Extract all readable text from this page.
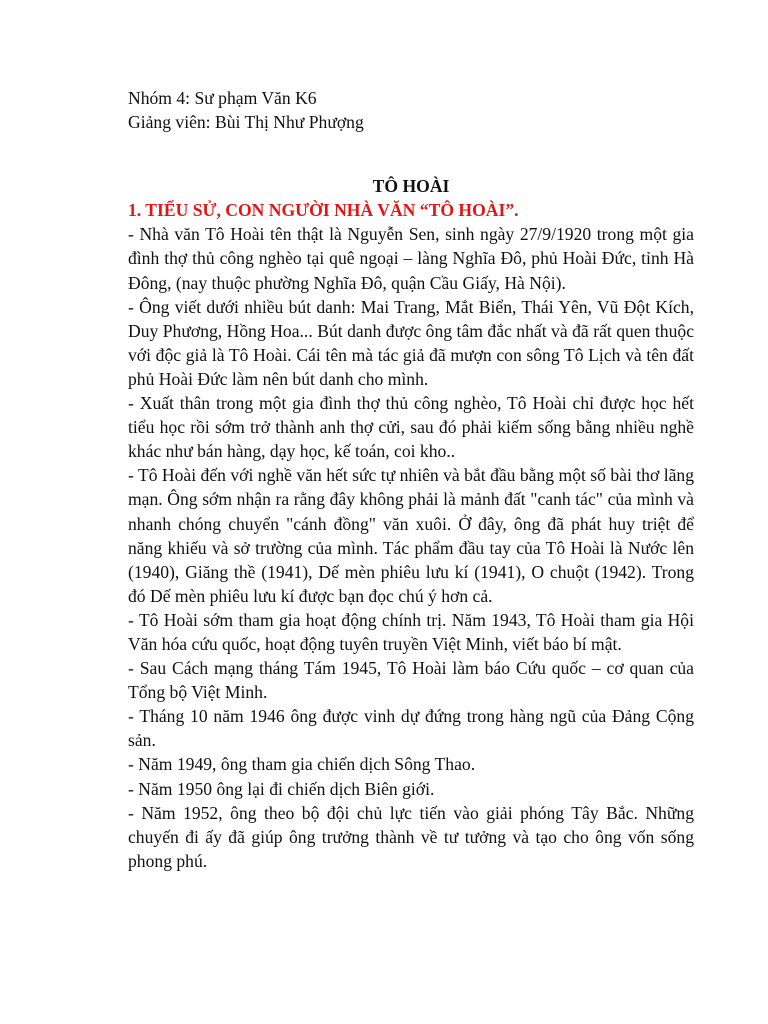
Nhóm 4: Sư phạm Văn K6

Giảng viên: Bùi Thị Như Phượng

TÔ HOÀI

1. TIỂU SỬ, CON NGƯỜI NHÀ VĂN “TÔ HOÀI”.

- Nhà văn Tô Hoài tên thật là Nguyễn Sen, sinh ngày 27/9/1920 trong một gia đình thợ thủ công nghèo tại quê ngoại – làng Nghĩa Đô, phủ Hoài Đức, tỉnh Hà Đông, (nay thuộc phường Nghĩa Đô, quận Cầu Giấy, Hà Nội).

- Ông viết dưới nhiều bút danh: Mai Trang, Mắt Biển, Thái Yên, Vũ Đột Kích, Duy Phương, Hồng Hoa... Bút danh được ông tâm đắc nhất và đã rất quen thuộc với độc giả là Tô Hoài. Cái tên mà tác giả đã mượn con sông Tô Lịch và tên đất phủ Hoài Đức làm nên bút danh cho mình.

- Xuất thân trong một gia đình thợ thủ công nghèo, Tô Hoài chỉ được học hết tiểu học rồi sớm trở thành anh thợ cửi, sau đó phải kiếm sống bằng nhiều nghề khác như bán hàng, dạy học, kế toán, coi kho..

- Tô Hoài đến với nghề văn hết sức tự nhiên và bắt đầu bằng một số bài thơ lãng mạn. Ông sớm nhận ra rằng đây không phải là mảnh đất "canh tác" của mình và nhanh chóng chuyển "cánh đồng" văn xuôi. Ở đây, ông đã phát huy triệt để năng khiếu và sở trường của mình. Tác phẩm đầu tay của Tô Hoài là Nước lên (1940), Giăng thề (1941), Dế mèn phiêu lưu kí (1941), O chuột (1942). Trong đó Dế mèn phiêu lưu kí được bạn đọc chú ý hơn cả.

- Tô Hoài sớm tham gia hoạt động chính trị. Năm 1943, Tô Hoài tham gia Hội Văn hóa cứu quốc, hoạt động tuyên truyền Việt Minh, viết báo bí mật.

- Sau Cách mạng tháng Tám 1945, Tô Hoài làm báo Cứu quốc – cơ quan của Tổng bộ Việt Minh.

- Tháng 10 năm 1946 ông được vinh dự đứng trong hàng ngũ của Đảng Cộng sản.

- Năm 1949, ông tham gia chiến dịch Sông Thao.

- Năm 1950 ông lại đi chiến dịch Biên giới.

- Năm 1952, ông theo bộ đội chủ lực tiến vào giải phóng Tây Bắc. Những chuyến đi ấy đã giúp ông trưởng thành về tư tưởng và tạo cho ông vốn sống phong phú.
